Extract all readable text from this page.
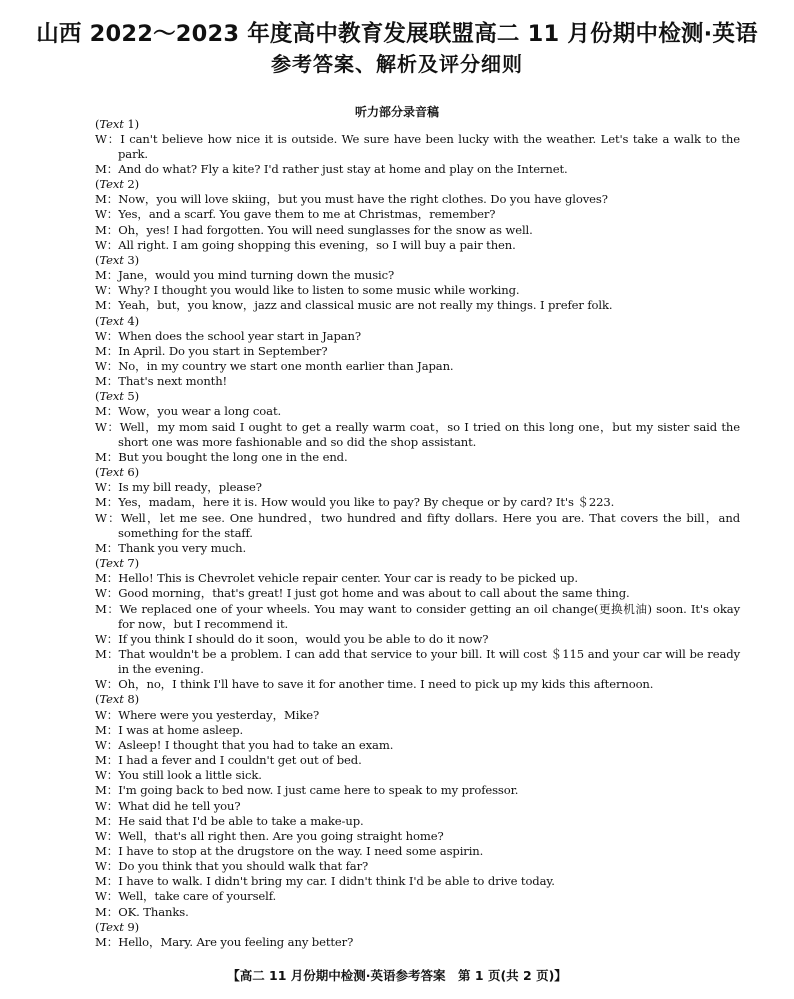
山西 2022～2023 年度高中教育发展联盟高二 11 月份期中检测·英语
参考答案、解析及评分细则
听力部分录音稿
(Text 1)
W：I can't believe how nice it is outside. We sure have been lucky with the weather. Let's take a walk to the park.
M：And do what? Fly a kite? I'd rather just stay at home and play on the Internet.
(Text 2)
M：Now，you will love skiing，but you must have the right clothes. Do you have gloves?
W：Yes，and a scarf. You gave them to me at Christmas，remember?
M：Oh，yes! I had forgotten. You will need sunglasses for the snow as well.
W：All right. I am going shopping this evening，so I will buy a pair then.
(Text 3)
M：Jane，would you mind turning down the music?
W：Why? I thought you would like to listen to some music while working.
M：Yeah，but，you know，jazz and classical music are not really my things. I prefer folk.
(Text 4)
W：When does the school year start in Japan?
M：In April. Do you start in September?
W：No，in my country we start one month earlier than Japan.
M：That's next month!
(Text 5)
M：Wow，you wear a long coat.
W：Well，my mom said I ought to get a really warm coat，so I tried on this long one，but my sister said the short one was more fashionable and so did the shop assistant.
M：But you bought the long one in the end.
(Text 6)
W：Is my bill ready，please?
M：Yes，madam，here it is. How would you like to pay? By cheque or by card? It's ＄223.
W：Well，let me see. One hundred，two hundred and fifty dollars. Here you are. That covers the bill，and something for the staff.
M：Thank you very much.
(Text 7)
M：Hello! This is Chevrolet vehicle repair center. Your car is ready to be picked up.
W：Good morning，that's great! I just got home and was about to call about the same thing.
M：We replaced one of your wheels. You may want to consider getting an oil change(更换机油) soon. It's okay for now，but I recommend it.
W：If you think I should do it soon，would you be able to do it now?
M：That wouldn't be a problem. I can add that service to your bill. It will cost ＄115 and your car will be ready in the evening.
W：Oh，no，I think I'll have to save it for another time. I need to pick up my kids this afternoon.
(Text 8)
W：Where were you yesterday，Mike?
M：I was at home asleep.
W：Asleep! I thought that you had to take an exam.
M：I had a fever and I couldn't get out of bed.
W：You still look a little sick.
M：I'm going back to bed now. I just came here to speak to my professor.
W：What did he tell you?
M：He said that I'd be able to take a make-up.
W：Well，that's all right then. Are you going straight home?
M：I have to stop at the drugstore on the way. I need some aspirin.
W：Do you think that you should walk that far?
M：I have to walk. I didn't bring my car. I didn't think I'd be able to drive today.
W：Well，take care of yourself.
M：OK. Thanks.
(Text 9)
M：Hello，Mary. Are you feeling any better?
【高二 11 月份期中检测·英语参考答案　第 1 页(共 2 页)】
